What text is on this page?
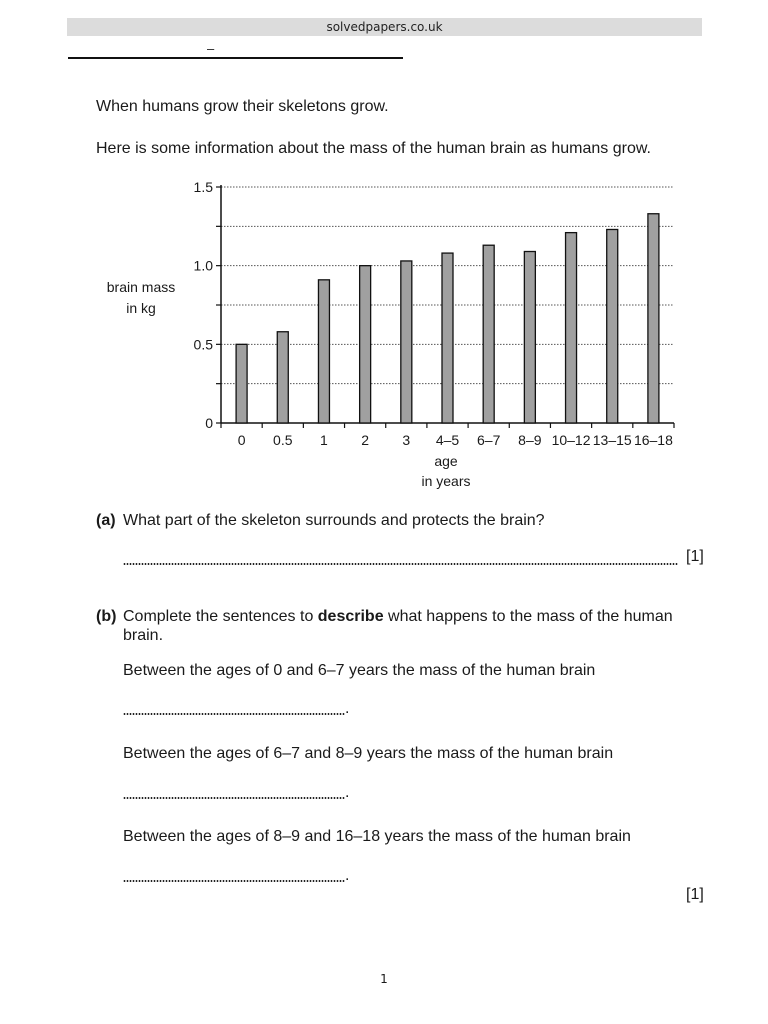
solvedpapers.co.uk
–
When humans grow their skeletons grow.
Here is some information about the mass of the human brain as humans grow.
0
0.5
1.0
1.5
0 0.5 1 2 3 4–5 6–7 8–9 10–12 13–15 16–18
age
in years
brain mass
in kg
(a) What part of the skeleton surrounds and protects the brain?
[1]
(b) Complete the sentences to describe what happens to the mass of the human
brain.
Between the ages of 0 and 6–7 years the mass of the human brain
.
Between the ages of 6–7 and 8–9 years the mass of the human brain
.
Between the ages of 8–9 and 16–18 years the mass of the human brain
.
[1]
1
